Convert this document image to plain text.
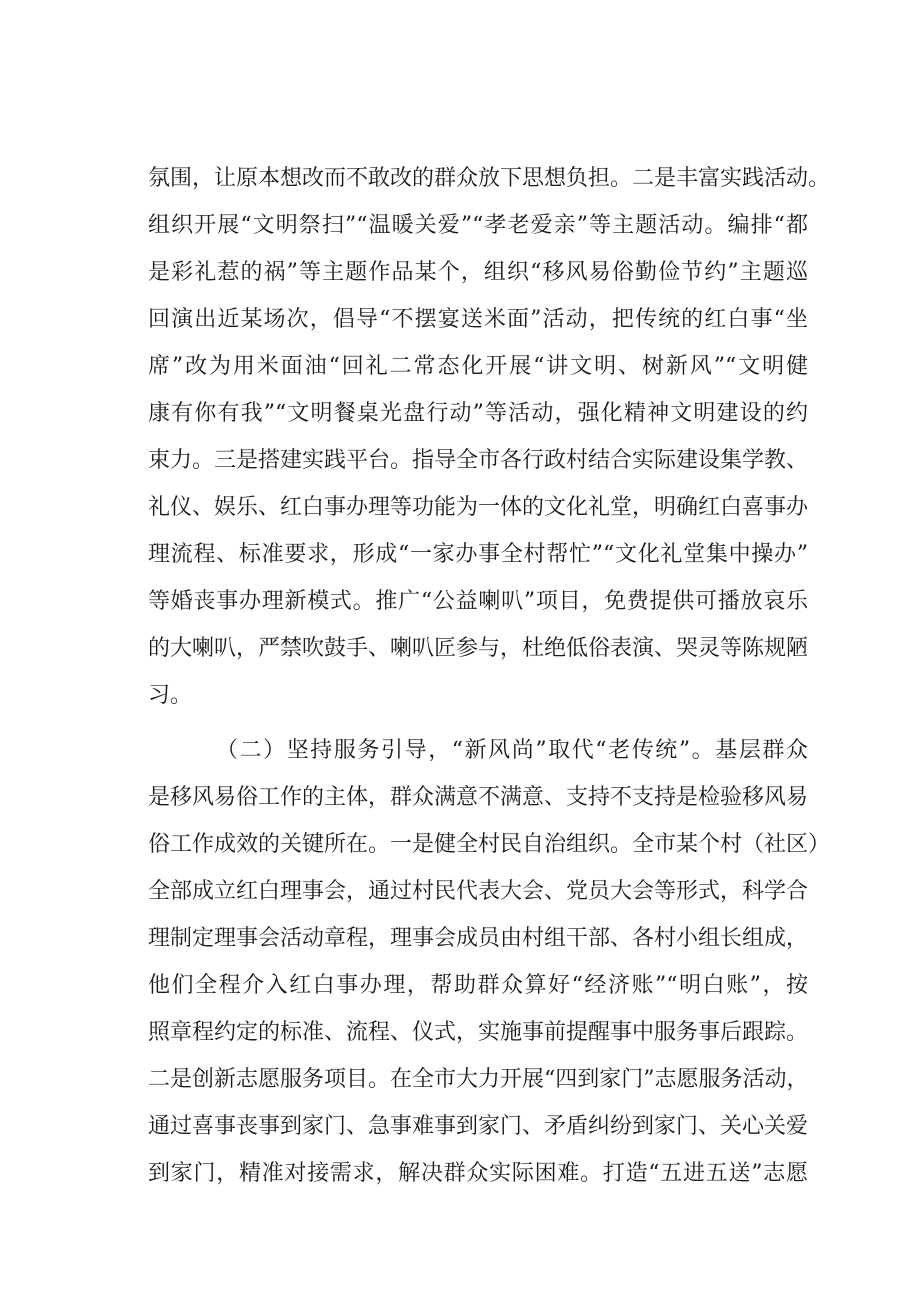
氛围，让原本想改而不敢改的群众放下思想负担。二是丰富实践活动。
组织开展“文明祭扫”“温暖关爱”“孝老爱亲”等主题活动。编排“都
是彩礼惹的祸”等主题作品某个，组织“移风易俗勤俭节约”主题巡
回演出近某场次，倡导“不摆宴送米面”活动，把传统的红白事“坐
席”改为用米面油“回礼二常态化开展“讲文明、树新风”“文明健
康有你有我”“文明餐桌光盘行动”等活动，强化精神文明建设的约
束力。三是搭建实践平台。指导全市各行政村结合实际建设集学教、
礼仪、娱乐、红白事办理等功能为一体的文化礼堂，明确红白喜事办
理流程、标准要求，形成“一家办事全村帮忙”“文化礼堂集中操办”
等婚丧事办理新模式。推广“公益喇叭”项目，免费提供可播放哀乐
的大喇叭，严禁吹鼓手、喇叭匠参与，杜绝低俗表演、哭灵等陈规陋
习。
（二）坚持服务引导，“新风尚”取代“老传统”。基层群众
是移风易俗工作的主体，群众满意不满意、支持不支持是检验移风易
俗工作成效的关键所在。一是健全村民自治组织。全市某个村（社区）
全部成立红白理事会，通过村民代表大会、党员大会等形式，科学合
理制定理事会活动章程，理事会成员由村组干部、各村小组长组成，
他们全程介入红白事办理，帮助群众算好“经济账”“明白账”，按
照章程约定的标准、流程、仪式，实施事前提醒事中服务事后跟踪。
二是创新志愿服务项目。在全市大力开展“四到家门”志愿服务活动，
通过喜事丧事到家门、急事难事到家门、矛盾纠纷到家门、关心关爱
到家门，精准对接需求，解决群众实际困难。打造“五进五送”志愿
